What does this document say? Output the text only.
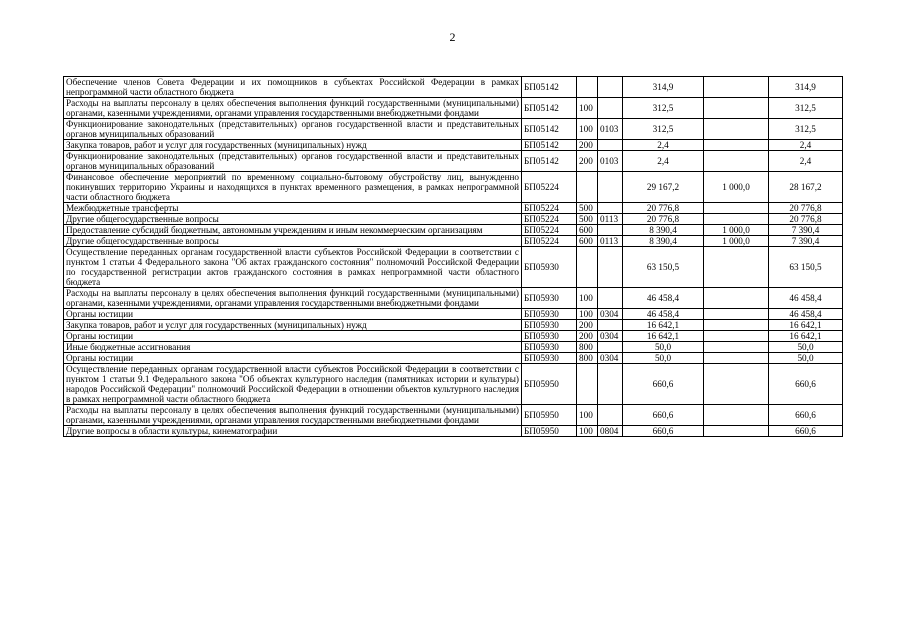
2
Обеспечение членов Совета Федерации и их помощников в субъектах Российской Федерации в рамках непрограммной части областного бюджета	БП05142			314,9		314,9
Расходы на выплаты персоналу в целях обеспечения выполнения функций государственными (муниципальными) органами, казенными учреждениями, органами управления государственными внебюджетными фондами	БП05142	100		312,5		312,5
Функционирование законодательных (представительных) органов государственной власти и представительных органов муниципальных образований	БП05142	100	0103	312,5		312,5
Закупка товаров, работ и услуг для государственных (муниципальных) нужд	БП05142	200		2,4		2,4
Функционирование законодательных (представительных) органов государственной власти и представительных органов муниципальных образований	БП05142	200	0103	2,4		2,4
Финансовое обеспечение мероприятий по временному социально-бытовому обустройству лиц, вынужденно покинувших территорию Украины и находящихся в пунктах временного размещения, в рамках непрограммной части областного бюджета	БП05224			29 167,2	1 000,0	28 167,2
Межбюджетные трансферты	БП05224	500		20 776,8		20 776,8
Другие общегосударственные вопросы	БП05224	500	0113	20 776,8		20 776,8
Предоставление субсидий бюджетным, автономным учреждениям и иным некоммерческим организациям	БП05224	600		8 390,4	1 000,0	7 390,4
Другие общегосударственные вопросы	БП05224	600	0113	8 390,4	1 000,0	7 390,4
Осуществление переданных органам государственной власти субъектов Российской Федерации в соответствии с пунктом 1 статьи 4 Федерального закона "Об актах гражданского состояния" полномочий Российской Федерации по государственной регистрации актов гражданского состояния в рамках непрограммной части областного бюджета	БП05930			63 150,5		63 150,5
Расходы на выплаты персоналу в целях обеспечения выполнения функций государственными (муниципальными) органами, казенными учреждениями, органами управления государственными внебюджетными фондами	БП05930	100		46 458,4		46 458,4
Органы юстиции	БП05930	100	0304	46 458,4		46 458,4
Закупка товаров, работ и услуг для государственных (муниципальных) нужд	БП05930	200		16 642,1		16 642,1
Органы юстиции	БП05930	200	0304	16 642,1		16 642,1
Иные бюджетные ассигнования	БП05930	800		50,0		50,0
Органы юстиции	БП05930	800	0304	50,0		50,0
Осуществление переданных органам государственной власти субъектов Российской Федерации в соответствии с пунктом 1 статьи 9.1 Федерального закона "Об объектах культурного наследия (памятниках истории и культуры) народов Российской Федерации" полномочий Российской Федерации в отношении объектов культурного наследия в рамках непрограммной части областного бюджета	БП05950			660,6		660,6
Расходы на выплаты персоналу в целях обеспечения выполнения функций государственными (муниципальными) органами, казенными учреждениями, органами управления государственными внебюджетными фондами	БП05950	100		660,6		660,6
Другие вопросы в области культуры, кинематографии	БП05950	100	0804	660,6		660,6
